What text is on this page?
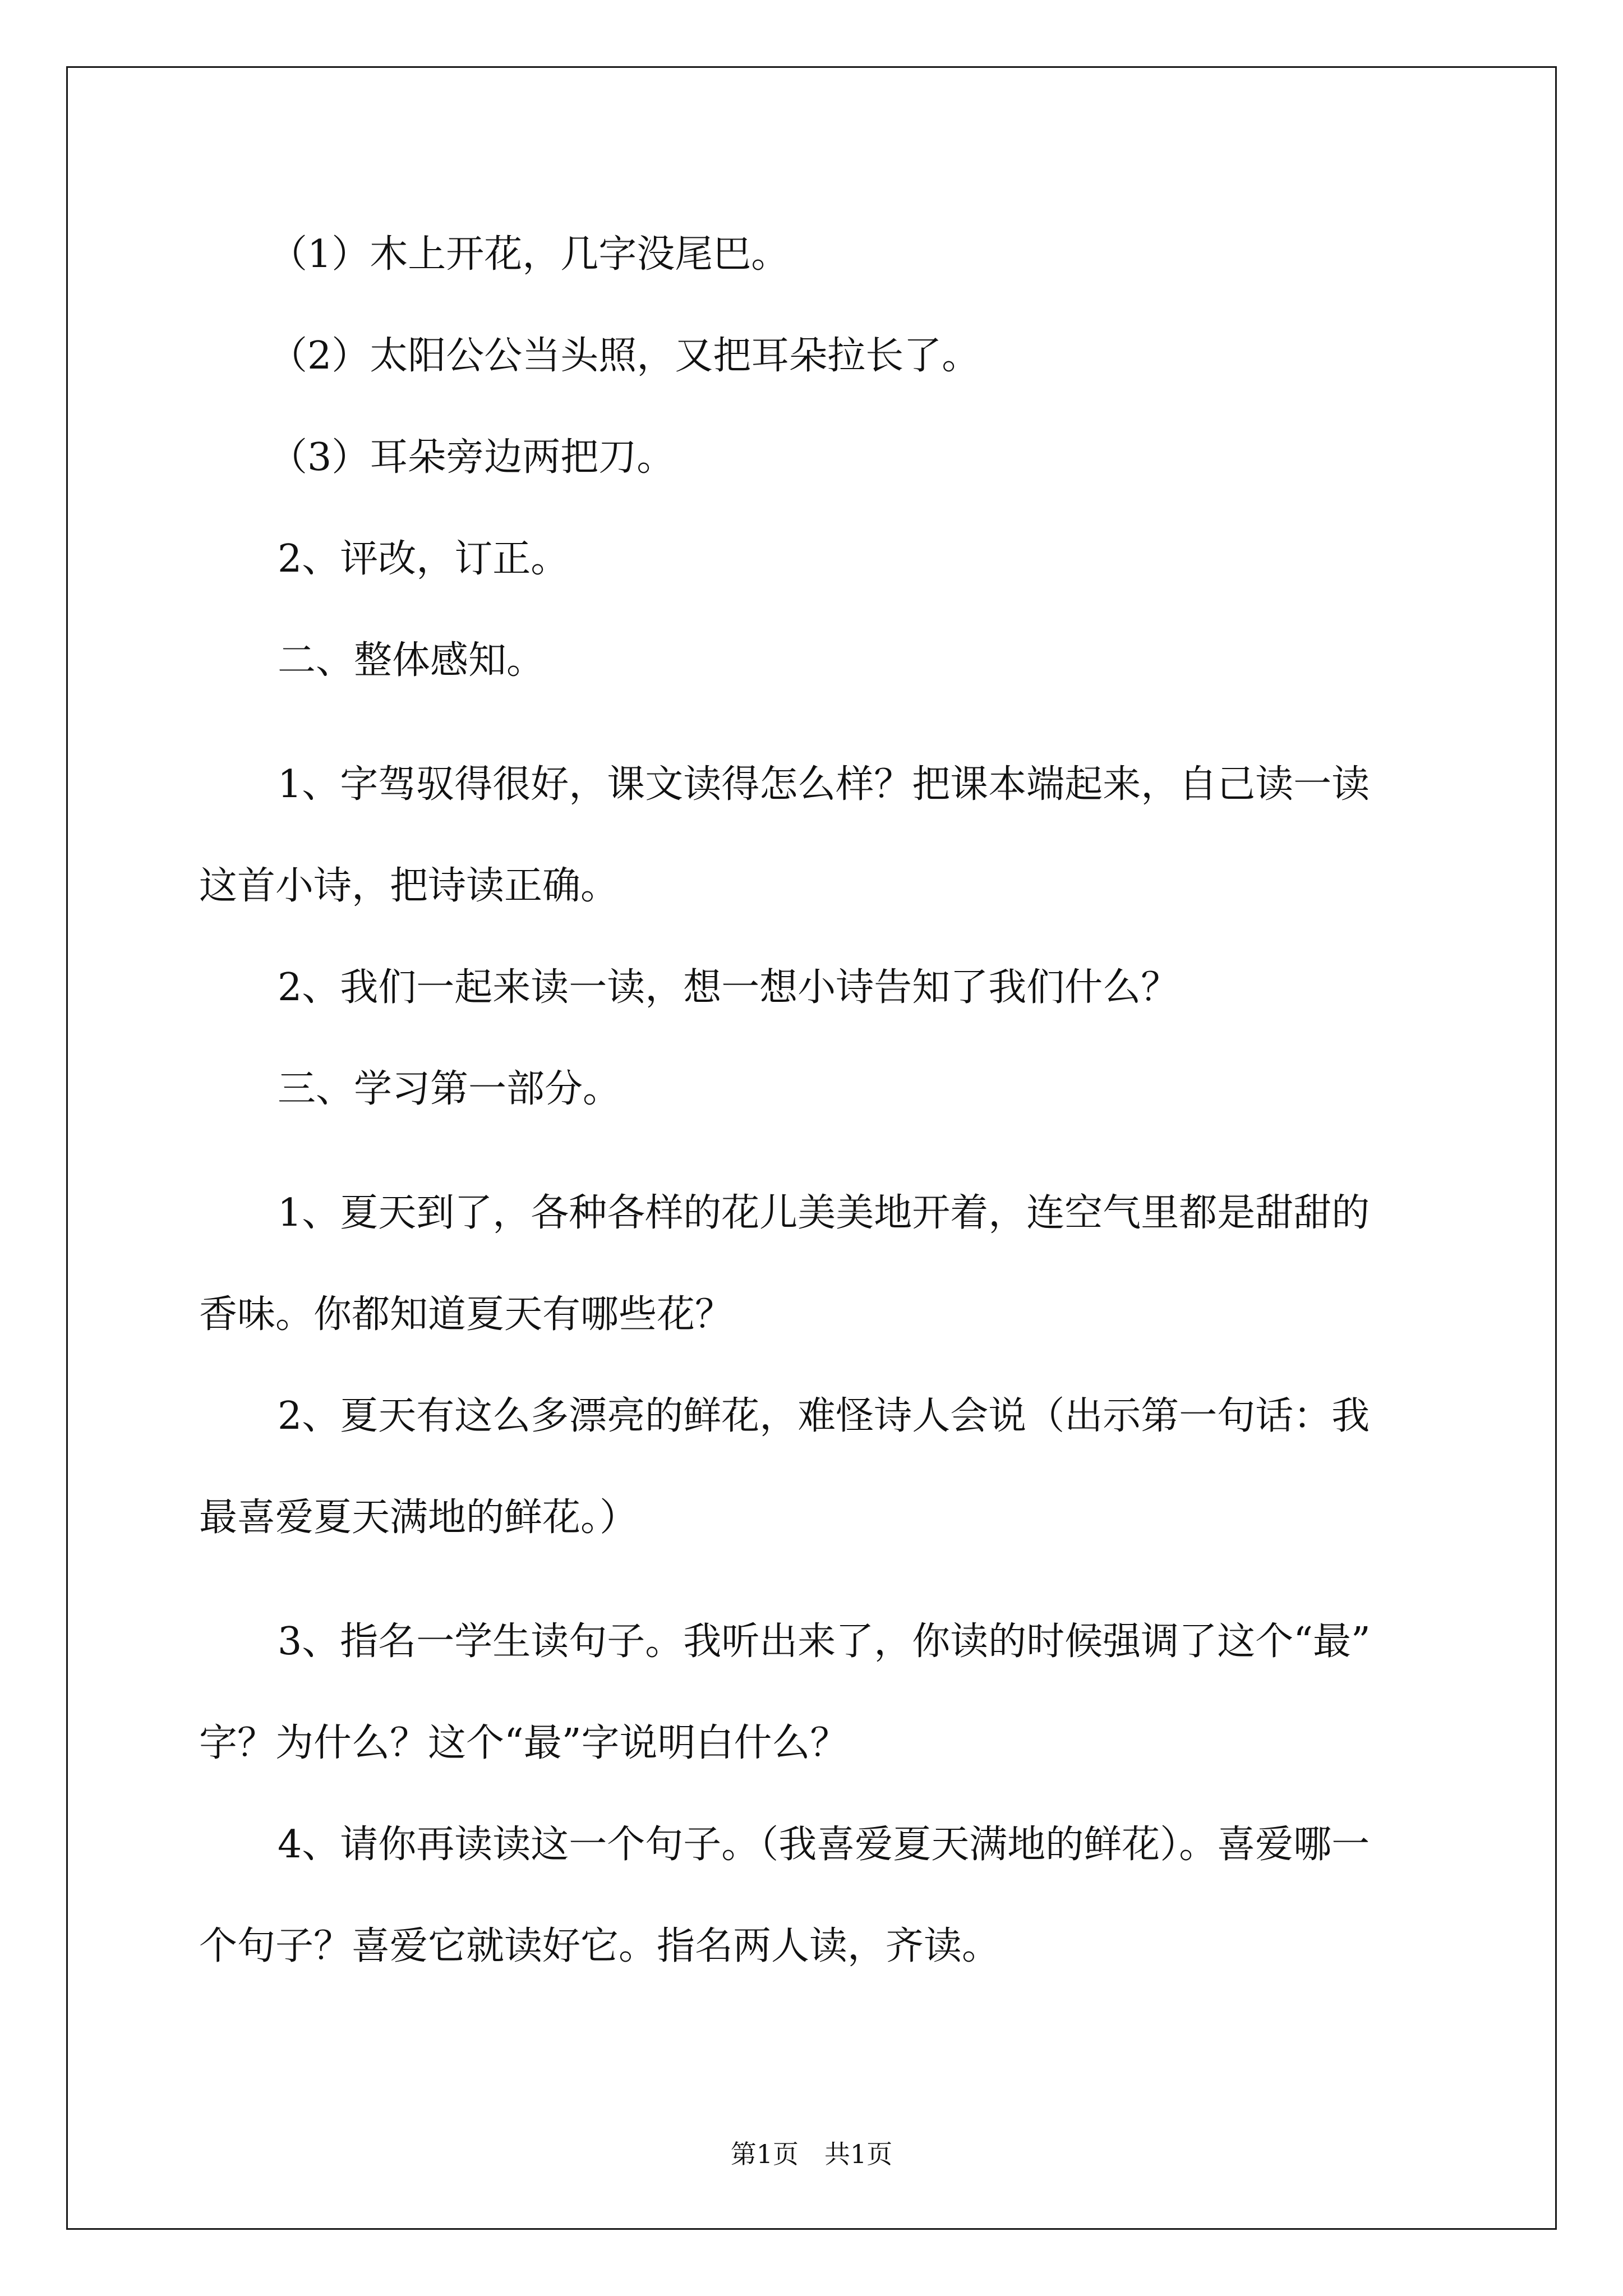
（1）木上开花，几字没尾巴。

（2）太阳公公当头照，又把耳朵拉长了。

（3）耳朵旁边两把刀。

2、评改，订正。

二、整体感知。

1、字驾驭得很好，课文读得怎么样？把课本端起来，自己读一读

这首小诗，把诗读正确。

2、我们一起来读一读，想一想小诗告知了我们什么？

三、学习第一部分。

1、夏天到了，各种各样的花儿美美地开着，连空气里都是甜甜的

香味。你都知道夏天有哪些花？

2、夏天有这么多漂亮的鲜花，难怪诗人会说（出示第一句话：我

最喜爱夏天满地的鲜花。）

3、指名一学生读句子。我听出来了，你读的时候强调了这个“最”

字？为什么？这个“最”字说明白什么？

4、请你再读读这一个句子。（我喜爱夏天满地的鲜花）。喜爱哪一

个句子？喜爱它就读好它。指名两人读，齐读。

第1页　共1页
